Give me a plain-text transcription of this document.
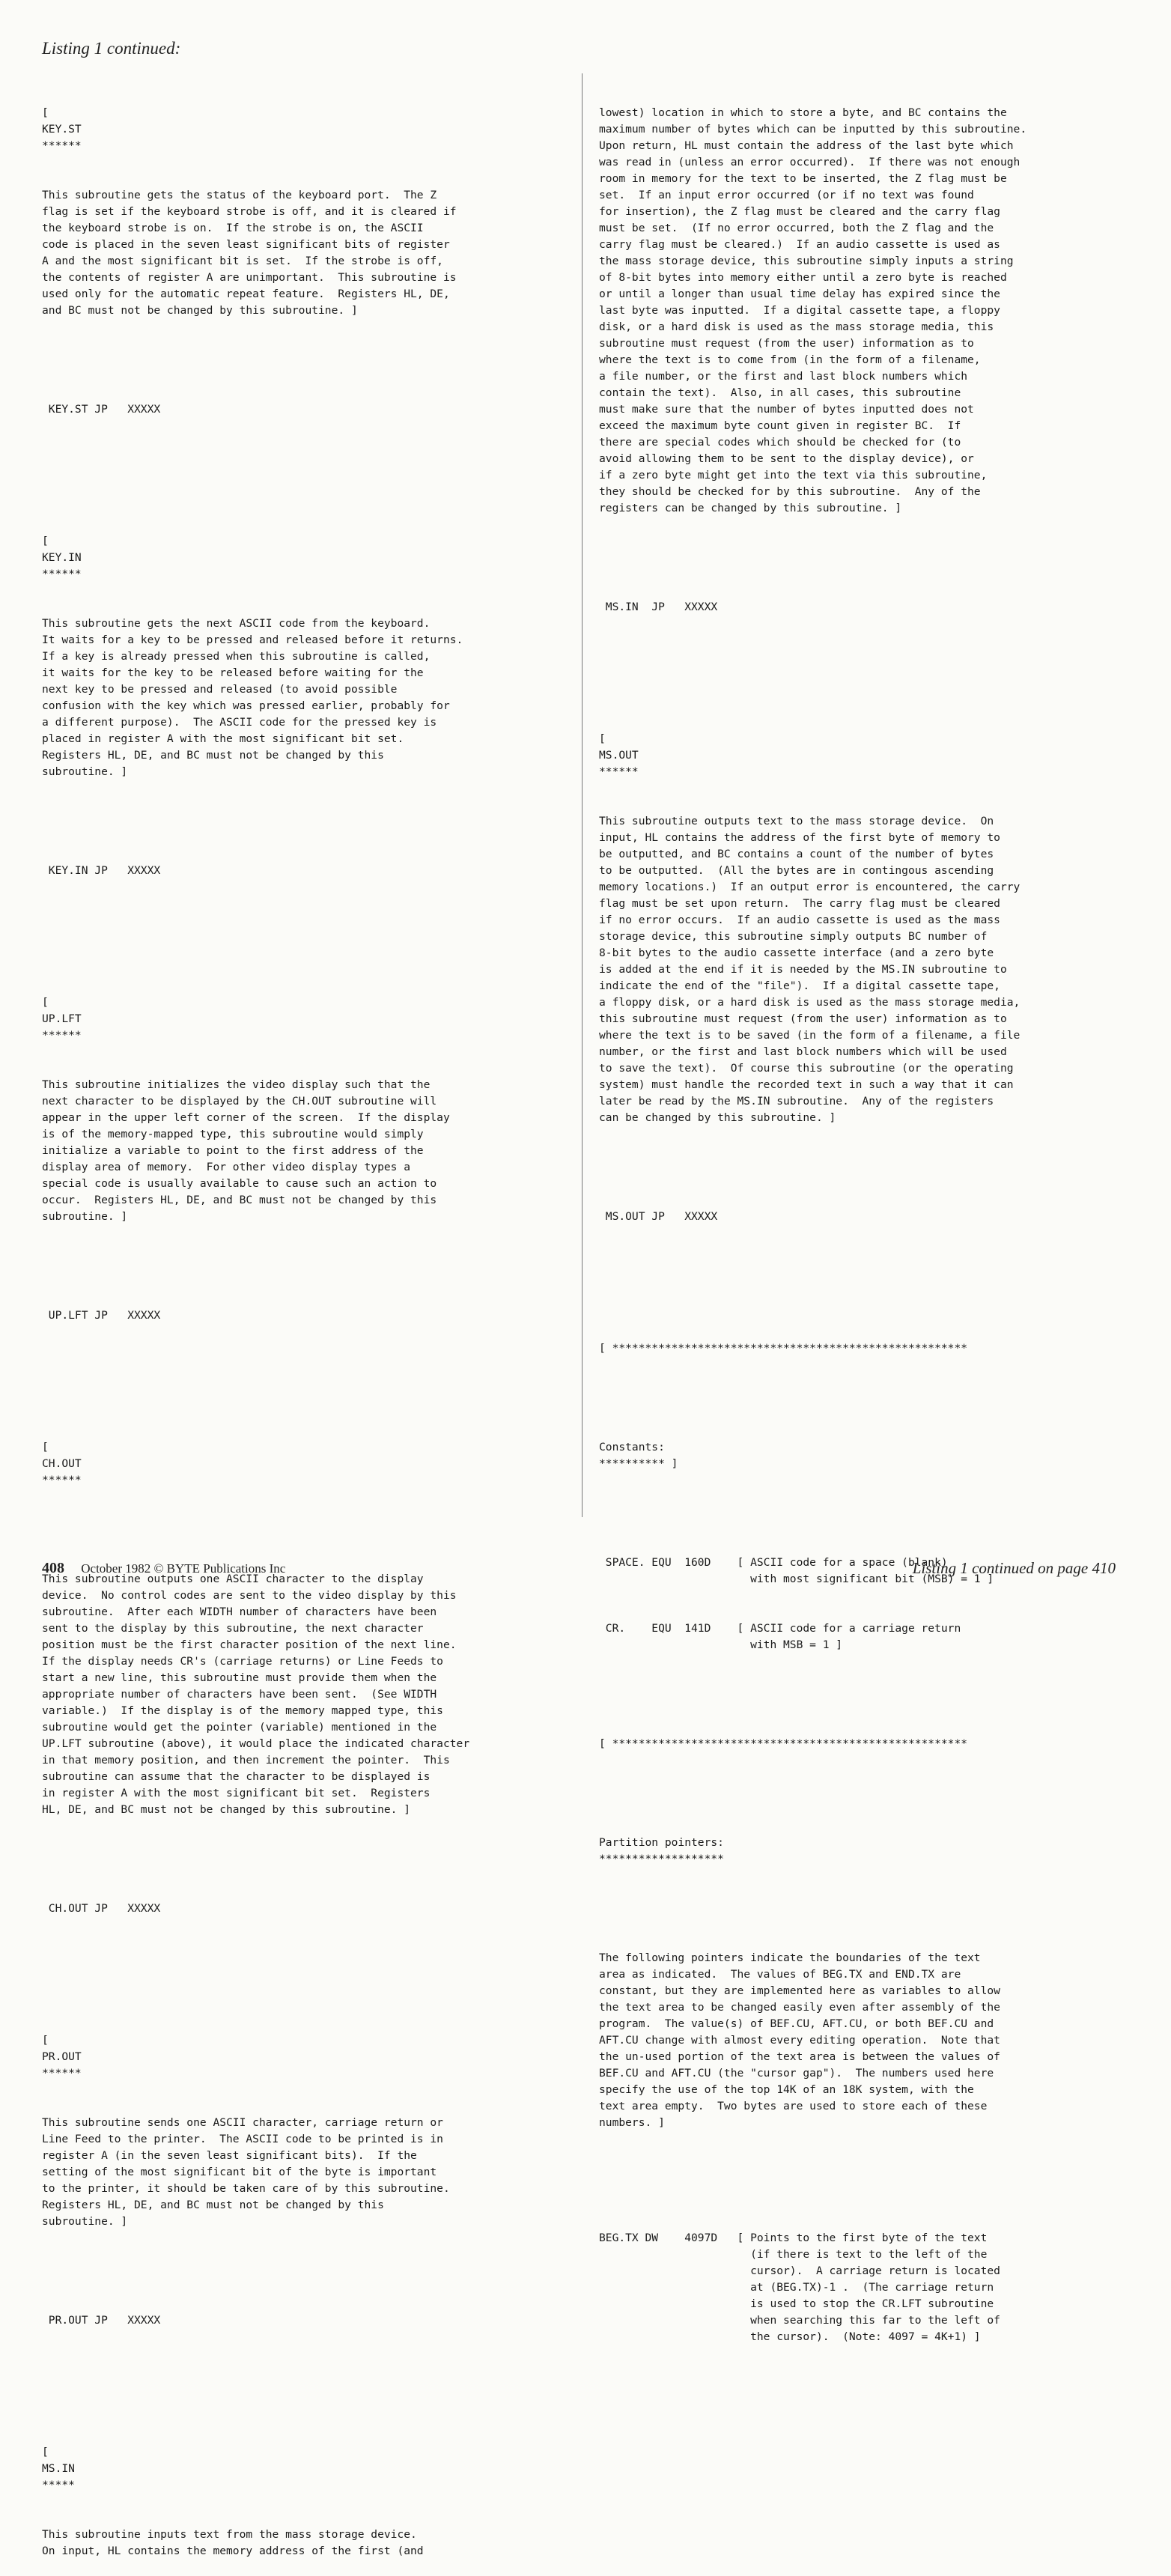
Listing 1 continued:

[
KEY.ST
******

This subroutine gets the status of the keyboard port.  The Z
flag is set if the keyboard strobe is off, and it is cleared if
the keyboard strobe is on.  If the strobe is on, the ASCII
code is placed in the seven least significant bits of register
A and the most significant bit is set.  If the strobe is off,
the contents of register A are unimportant.  This subroutine is
used only for the automatic repeat feature.  Registers HL, DE,
and BC must not be changed by this subroutine. ]

KEY.ST JP   XXXXX

[
KEY.IN
******

This subroutine gets the next ASCII code from the keyboard.
It waits for a key to be pressed and released before it returns.
If a key is already pressed when this subroutine is called,
it waits for the key to be released before waiting for the
next key to be pressed and released (to avoid possible
confusion with the key which was pressed earlier, probably for
a different purpose).  The ASCII code for the pressed key is
placed in register A with the most significant bit set.
Registers HL, DE, and BC must not be changed by this
subroutine. ]

KEY.IN JP   XXXXX

[
UP.LFT
******

This subroutine initializes the video display such that the
next character to be displayed by the CH.OUT subroutine will
appear in the upper left corner of the screen.  If the display
is of the memory-mapped type, this subroutine would simply
initialize a variable to point to the first address of the
display area of memory.  For other video display types a
special code is usually available to cause such an action to
occur.  Registers HL, DE, and BC must not be changed by this
subroutine. ]

UP.LFT JP   XXXXX

[
CH.OUT
******

This subroutine outputs one ASCII character to the display
device.  No control codes are sent to the video display by this
subroutine.  After each WIDTH number of characters have been
sent to the display by this subroutine, the next character
position must be the first character position of the next line.
If the display needs CR's (carriage returns) or Line Feeds to
start a new line, this subroutine must provide them when the
appropriate number of characters have been sent.  (See WIDTH
variable.)  If the display is of the memory mapped type, this
subroutine would get the pointer (variable) mentioned in the
UP.LFT subroutine (above), it would place the indicated character
in that memory position, and then increment the pointer.  This
subroutine can assume that the character to be displayed is
in register A with the most significant bit set.  Registers
HL, DE, and BC must not be changed by this subroutine. ]

CH.OUT JP   XXXXX

[
PR.OUT
******

This subroutine sends one ASCII character, carriage return or
Line Feed to the printer.  The ASCII code to be printed is in
register A (in the seven least significant bits).  If the
setting of the most significant bit of the byte is important
to the printer, it should be taken care of by this subroutine.
Registers HL, DE, and BC must not be changed by this
subroutine. ]

PR.OUT JP   XXXXX

[
MS.IN
*****

This subroutine inputs text from the mass storage device.
On input, HL contains the memory address of the first (and

lowest) location in which to store a byte, and BC contains the
maximum number of bytes which can be inputted by this subroutine.
Upon return, HL must contain the address of the last byte which
was read in (unless an error occurred).  If there was not enough
room in memory for the text to be inserted, the Z flag must be
set.  If an input error occurred (or if no text was found
for insertion), the Z flag must be cleared and the carry flag
must be set.  (If no error occurred, both the Z flag and the
carry flag must be cleared.)  If an audio cassette is used as
the mass storage device, this subroutine simply inputs a string
of 8-bit bytes into memory either until a zero byte is reached
or until a longer than usual time delay has expired since the
last byte was inputted.  If a digital cassette tape, a floppy
disk, or a hard disk is used as the mass storage media, this
subroutine must request (from the user) information as to
where the text is to come from (in the form of a filename,
a file number, or the first and last block numbers which
contain the text).  Also, in all cases, this subroutine
must make sure that the number of bytes inputted does not
exceed the maximum byte count given in register BC.  If
there are special codes which should be checked for (to
avoid allowing them to be sent to the display device), or
if a zero byte might get into the text via this subroutine,
they should be checked for by this subroutine.  Any of the
registers can be changed by this subroutine. ]

MS.IN  JP   XXXXX

[
MS.OUT
******

This subroutine outputs text to the mass storage device.  On
input, HL contains the address of the first byte of memory to
be outputted, and BC contains a count of the number of bytes
to be outputted.  (All the bytes are in contingous ascending
memory locations.)  If an output error is encountered, the carry
flag must be set upon return.  The carry flag must be cleared
if no error occurs.  If an audio cassette is used as the mass
storage device, this subroutine simply outputs BC number of
8-bit bytes to the audio cassette interface (and a zero byte
is added at the end if it is needed by the MS.IN subroutine to
indicate the end of the "file").  If a digital cassette tape,
a floppy disk, or a hard disk is used as the mass storage media,
this subroutine must request (from the user) information as to
where the text is to be saved (in the form of a filename, a file
number, or the first and last block numbers which will be used
to save the text).  Of course this subroutine (or the operating
system) must handle the recorded text in such a way that it can
later be read by the MS.IN subroutine.  Any of the registers
can be changed by this subroutine. ]

MS.OUT JP   XXXXX

[ ******************************************************

Constants:
********** ]

SPACE. EQU  160D    [ ASCII code for a space (blank)
with most significant bit (MSB) = 1 ]

CR.    EQU  141D    [ ASCII code for a carriage return
with MSB = 1 ]

[ ******************************************************

Partition pointers:
*******************

The following pointers indicate the boundaries of the text
area as indicated.  The values of BEG.TX and END.TX are
constant, but they are implemented here as variables to allow
the text area to be changed easily even after assembly of the
program.  The value(s) of BEF.CU, AFT.CU, or both BEF.CU and
AFT.CU change with almost every editing operation.  Note that
the un-used portion of the text area is between the values of
BEF.CU and AFT.CU (the "cursor gap").  The numbers used here
specify the use of the top 14K of an 18K system, with the
text area empty.  Two bytes are used to store each of these
numbers. ]

BEG.TX DW    4097D   [ Points to the first byte of the text
(if there is text to the left of the
cursor).  A carriage return is located
at (BEG.TX)-1 .  (The carriage return
is used to stop the CR.LFT subroutine
when searching this far to the left of
the cursor).  (Note: 4097 = 4K+1) ]

408 October 1982 © BYTE Publications Inc	Listing 1 continued on page 410
